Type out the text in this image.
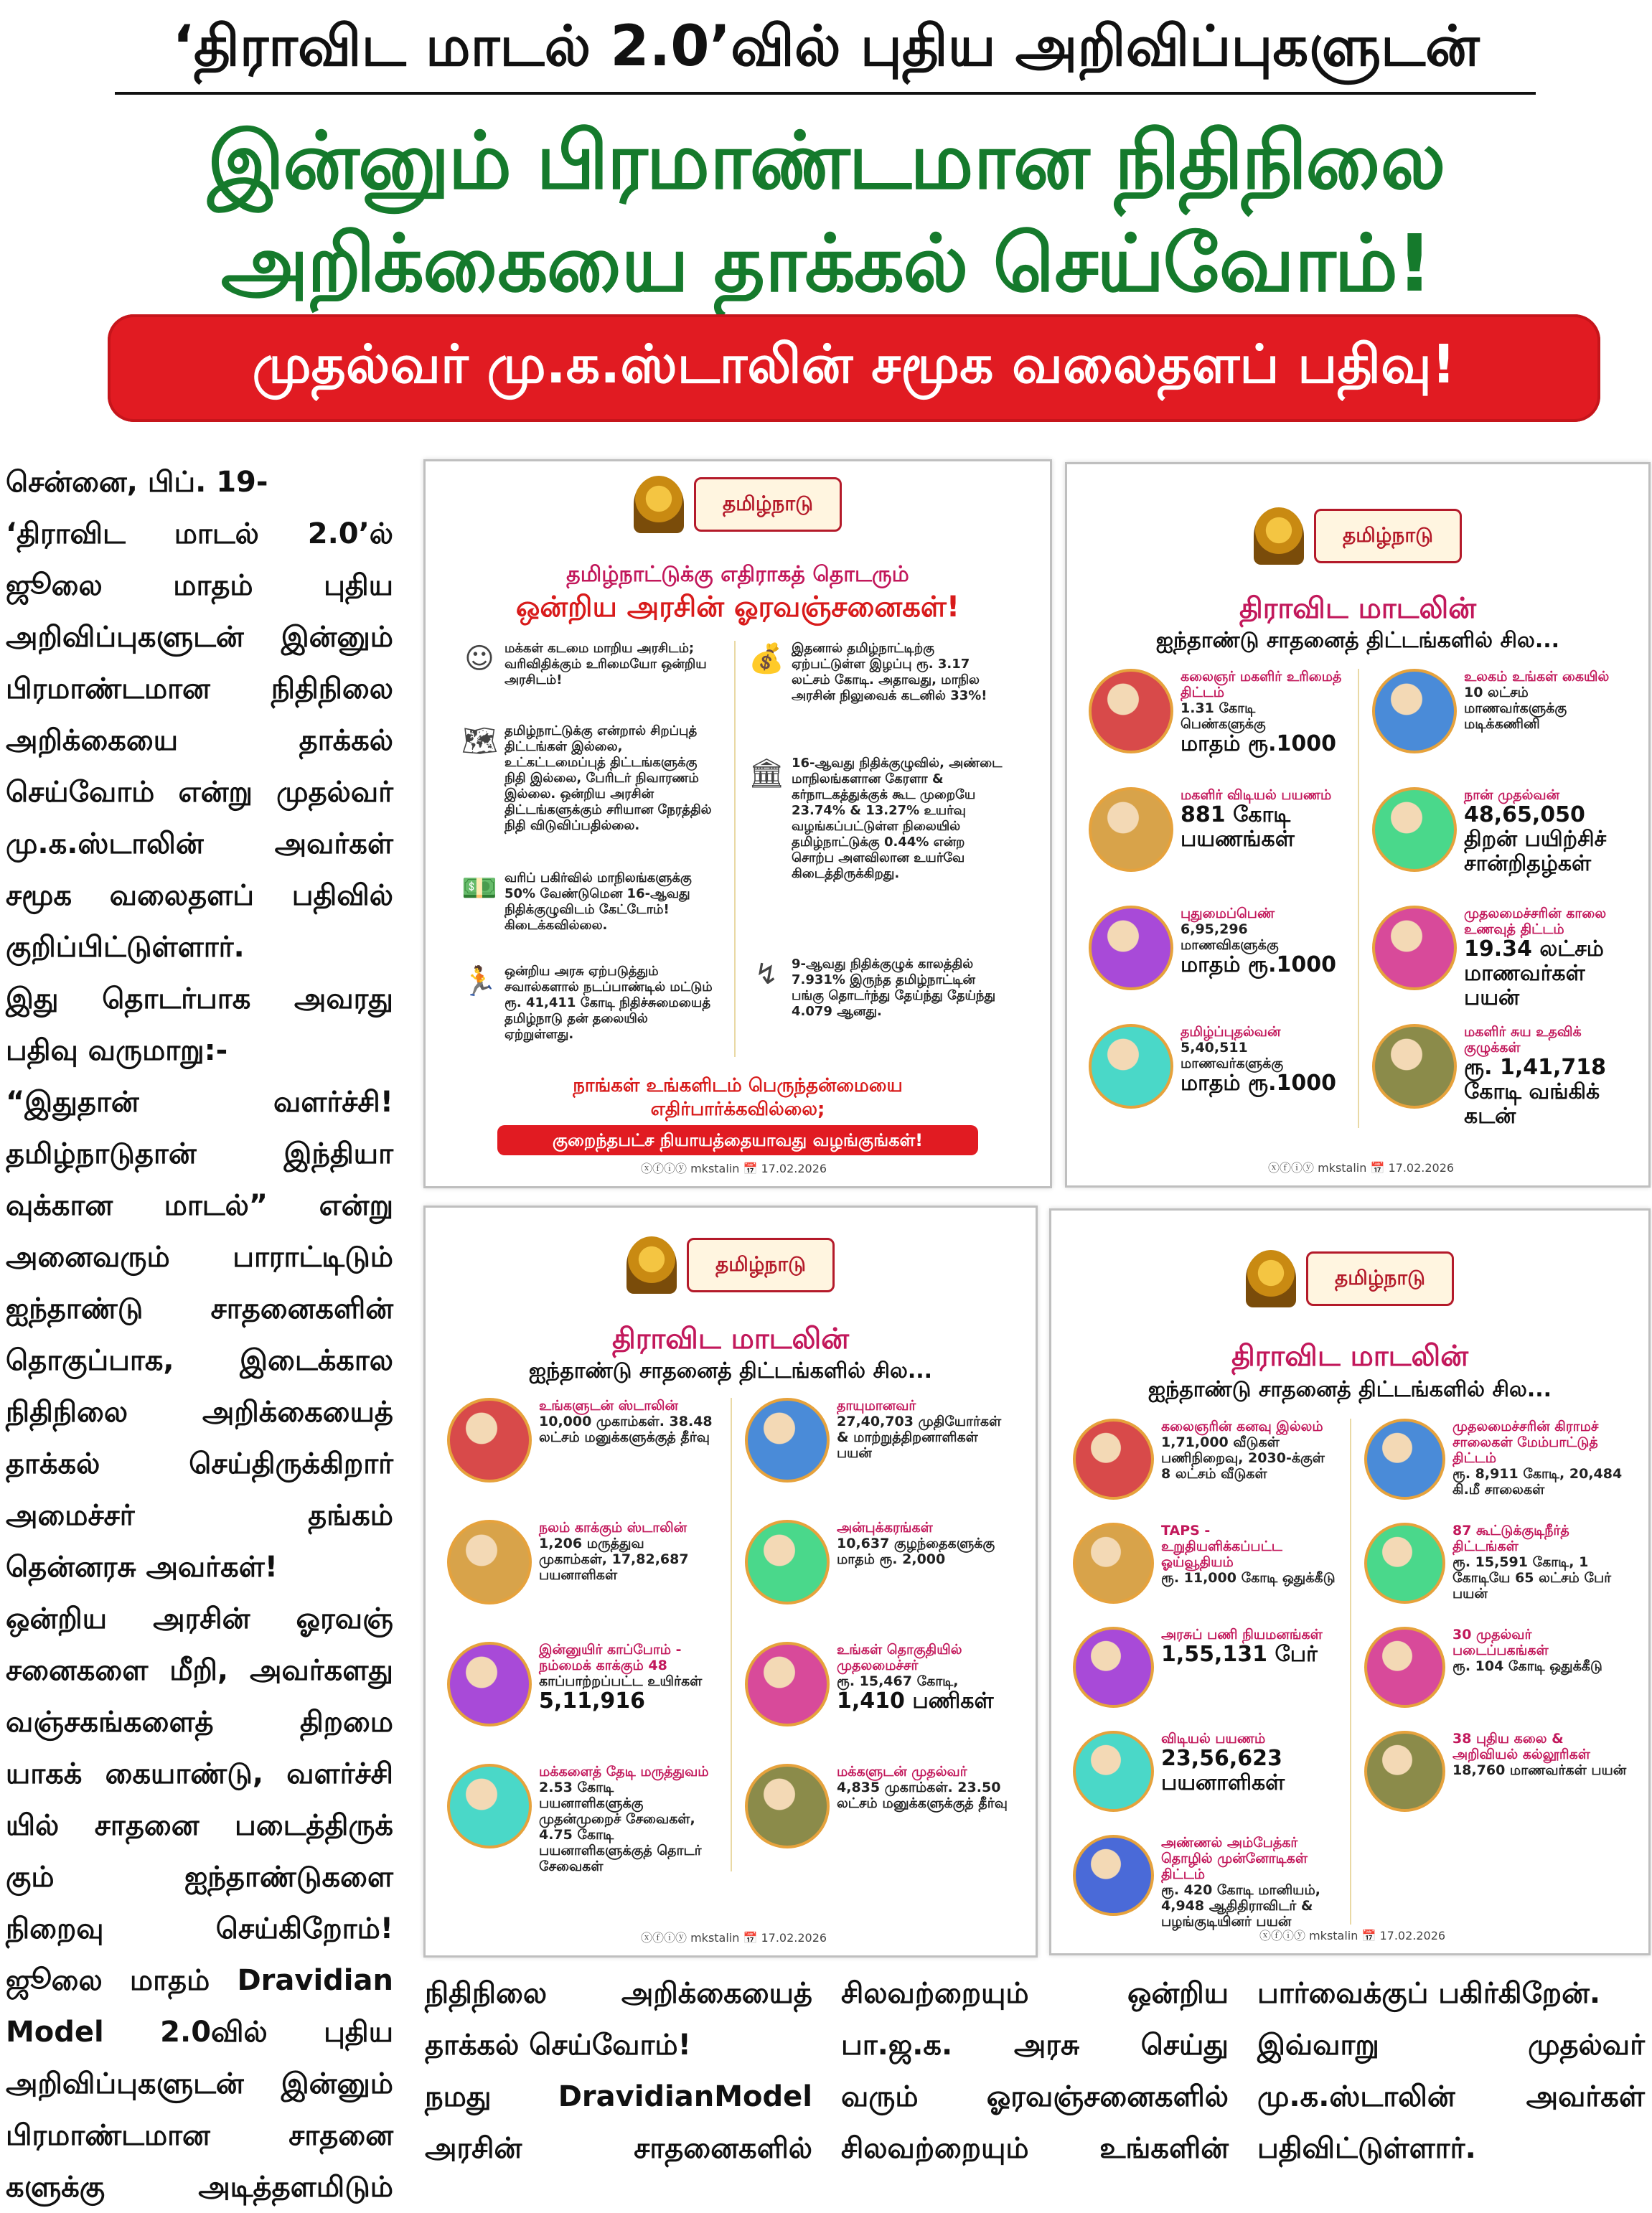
‘திராவிட மாடல் 2.0’வில் புதிய அறிவிப்புகளுடன்
இன்னும் பிரமாண்டமான நிதிநிலை அறிக்கையை தாக்கல் செய்வோம்!
முதல்வர் மு.க.ஸ்டாலின் சமூக வலைதளப் பதிவு!
சென்னை, பிப். 19-
‘திராவிட மாடல் 2.0’ல்
ஜூலை மாதம் புதிய
அறிவிப்புகளுடன் இன்னும்
பிரமாண்டமான நிதிநிலை
அறிக்கையை தாக்கல்
செய்வோம் என்று முதல்வர்
மு.க.ஸ்டாலின் அவர்கள்
சமூக வலைதளப் பதிவில்
குறிப்பிட்டுள்ளார்.
இது தொடர்பாக அவரது
பதிவு வருமாறு:-
“இதுதான் வளர்ச்சி!
தமிழ்நாடுதான் இந்தியா
வுக்கான மாடல்” என்று
அனைவரும் பாராட்டிடும்
ஐந்தாண்டு சாதனைகளின்
தொகுப்பாக, இடைக்கால
நிதிநிலை அறிக்கையைத்
தாக்கல் செய்திருக்கிறார்
அமைச்சர் தங்கம்
தென்னரசு அவர்கள்!
ஒன்றிய அரசின் ஓரவஞ்
சனைகளை மீறி, அவர்களது
வஞ்சகங்களைத் திறமை
யாகக் கையாண்டு, வளர்ச்சி
யில் சாதனை படைத்திருக்
கும் ஐந்தாண்டுகளை
நிறைவு செய்கிறோம்!
ஜூலை மாதம் Dravidian
Model 2.0வில் புதிய
அறிவிப்புகளுடன் இன்னும்
பிரமாண்டமான சாதனை
களுக்கு அடித்தளமிடும்
நிதிநிலை அறிக்கையைத்
தாக்கல் செய்வோம்!
நமது DravidianModel
அரசின் சாதனைகளில்
சிலவற்றையும் ஒன்றிய
பா.ஜ.க. அரசு செய்து
வரும் ஓரவஞ்சனைகளில்
சிலவற்றையும் உங்களின்
பார்வைக்குப் பகிர்கிறேன்.
இவ்வாறு முதல்வர்
மு.க.ஸ்டாலின் அவர்கள்
பதிவிட்டுள்ளார்.
தமிழ்நாடு
தமிழ்நாட்டுக்கு எதிராகத் தொடரும்
ஒன்றிய அரசின் ஓரவஞ்சனைகள்!
☺ மக்கள் கடமை மாறிய அரசிடம்; வரிவிதிக்கும் உரிமையோ ஒன்றிய அரசிடம்!
💰 இதனால் தமிழ்நாட்டிற்கு ஏற்பட்டுள்ள இழப்பு ரூ. 3.17 லட்சம் கோடி. அதாவது, மாநில அரசின் நிலுவைக் கடனில் 33%!
🗺 தமிழ்நாட்டுக்கு என்றால் சிறப்புத் திட்டங்கள் இல்லை, உட்கட்டமைப்புத் திட்டங்களுக்கு நிதி இல்லை, பேரிடர் நிவாரணம் இல்லை. ஒன்றிய அரசின் திட்டங்களுக்கும் சரியான நேரத்தில் நிதி விடுவிப்பதில்லை.
🏛 16-ஆவது நிதிக்குழுவில், அண்டை மாநிலங்களான கேரளா & கர்நாடகத்துக்குக் கூட முறையே 23.74% & 13.27% உயர்வு வழங்கப்பட்டுள்ள நிலையில் தமிழ்நாட்டுக்கு 0.44% என்ற சொற்ப அளவிலான உயர்வே கிடைத்திருக்கிறது.
💵 வரிப் பகிர்வில் மாநிலங்களுக்கு 50% வேண்டுமென 16-ஆவது நிதிக்குழுவிடம் கேட்டோம்! கிடைக்கவில்லை.
↯	9-ஆவது நிதிக்குழுக் காலத்தில் 7.931% இருந்த தமிழ்நாட்டின் பங்கு தொடர்ந்து தேய்ந்து தேய்ந்து 4.079 ஆனது.
🏃 ஒன்றிய அரசு ஏற்படுத்தும் சவால்களால் நடப்பாண்டில் மட்டும் ரூ. 41,411 கோடி நிதிச்சுமையைத் தமிழ்நாடு தன் தலையில் ஏற்றுள்ளது.
நாங்கள் உங்களிடம் பெருந்தன்மையை
எதிர்பார்க்கவில்லை;
குறைந்தபட்ச நியாயத்தையாவது வழங்குங்கள்!
ⓧⓕⓘⓨ mkstalin 📅 17.02.2026
தமிழ்நாடு
திராவிட மாடலின்
ஐந்தாண்டு சாதனைத் திட்டங்களில் சில...
கலைஞர் மகளிர் உரிமைத் திட்டம்
1.31 கோடி பெண்களுக்கு
மாதம் ரூ.1000
உலகம் உங்கள் கையில்
10 லட்சம் மாணவர்களுக்கு மடிக்கணினி
மகளிர் விடியல் பயணம்
881 கோடி பயணங்கள்
நான் முதல்வன்
48,65,050 திறன் பயிற்சிச் சான்றிதழ்கள்
புதுமைப்பெண்
6,95,296 மாணவிகளுக்கு
மாதம் ரூ.1000
முதலமைச்சரின் காலை உணவுத் திட்டம்
19.34 லட்சம் மாணவர்கள் பயன்
தமிழ்ப்புதல்வன்
5,40,511 மாணவர்களுக்கு
மாதம் ரூ.1000
மகளிர் சுய உதவிக் குழுக்கள்
ரூ. 1,41,718 கோடி வங்கிக் கடன்
ⓧⓕⓘⓨ mkstalin 📅 17.02.2026
தமிழ்நாடு
திராவிட மாடலின்
ஐந்தாண்டு சாதனைத் திட்டங்களில் சில...
உங்களுடன் ஸ்டாலின்
10,000 முகாம்கள். 38.48 லட்சம் மனுக்களுக்குத் தீர்வு
தாயுமானவர்
27,40,703 முதியோர்கள் & மாற்றுத்திறனாளிகள் பயன்
நலம் காக்கும் ஸ்டாலின்
1,206 மருத்துவ முகாம்கள், 17,82,687 பயனாளிகள்
அன்புக்கரங்கள்
10,637 குழந்தைகளுக்கு மாதம் ரூ. 2,000
இன்னுயிர் காப்போம் - நம்மைக் காக்கும் 48
காப்பாற்றப்பட்ட உயிர்கள்
5,11,916
உங்கள் தொகுதியில் முதலமைச்சர்
ரூ. 15,467 கோடி,
1,410 பணிகள்
மக்களைத் தேடி மருத்துவம்
2.53 கோடி பயனாளிகளுக்கு முதன்முறைச் சேவைகள், 4.75 கோடி பயனாளிகளுக்குத் தொடர் சேவைகள்
மக்களுடன் முதல்வர்
4,835 முகாம்கள். 23.50 லட்சம் மனுக்களுக்குத் தீர்வு
ⓧⓕⓘⓨ mkstalin 📅 17.02.2026
தமிழ்நாடு
திராவிட மாடலின்
ஐந்தாண்டு சாதனைத் திட்டங்களில் சில...
கலைஞரின் கனவு இல்லம்
1,71,000 வீடுகள் பணிநிறைவு, 2030-க்குள் 8 லட்சம் வீடுகள்
முதலமைச்சரின் கிராமச் சாலைகள் மேம்பாட்டுத் திட்டம்
ரூ. 8,911 கோடி, 20,484 கி.மீ சாலைகள்
TAPS - உறுதியளிக்கப்பட்ட ஓய்வூதியம்
ரூ. 11,000 கோடி ஒதுக்கீடு
87 கூட்டுக்குடிநீர்த் திட்டங்கள்
ரூ. 15,591 கோடி, 1 கோடியே 65 லட்சம் பேர் பயன்
அரசுப் பணி நியமனங்கள்
1,55,131 பேர்
30 முதல்வர் படைப்பகங்கள்
ரூ. 104 கோடி ஒதுக்கீடு
விடியல் பயணம்
23,56,623 பயனாளிகள்
38 புதிய கலை & அறிவியல் கல்லூரிகள்
18,760 மாணவர்கள் பயன்
அண்ணல் அம்பேத்கர் தொழில் முன்னோடிகள் திட்டம்
ரூ. 420 கோடி மானியம், 4,948 ஆதிதிராவிடர் & பழங்குடியினர் பயன்
ⓧⓕⓘⓨ mkstalin 📅 17.02.2026
